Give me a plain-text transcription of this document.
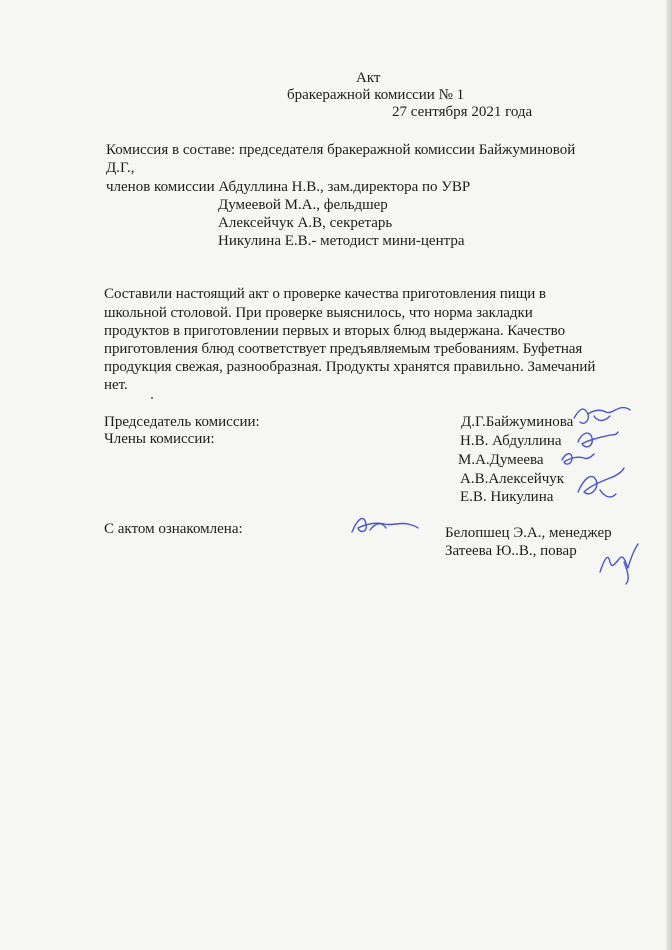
Акт
бракеражной комиссии № 1
27 сентября 2021 года
Комиссия в составе: председателя бракеражной комиссии Байжуминовой
Д.Г.,
членов комиссии Абдуллина Н.В., зам.директора по УВР
Думеевой М.А., фельдшер
Алексейчук А.В, секретарь
Никулина Е.В.- методист мини-центра
Составили настоящий акт о проверке качества приготовления пищи в
школьной столовой. При проверке выяснилось, что норма закладки
продуктов в приготовлении первых и вторых блюд выдержана. Качество
приготовления блюд соответствует предъявляемым требованиям. Буфетная
продукция свежая, разнообразная. Продукты хранятся правильно. Замечаний
нет.
Председатель комиссии:
Члены комиссии:
Д.Г.Байжуминова
Н.В. Абдуллина
М.А.Думеева
А.В.Алексейчук
Е.В. Никулина
С актом ознакомлена:	Белопшец Э.А., менеджер
Затеева Ю..В., повар
